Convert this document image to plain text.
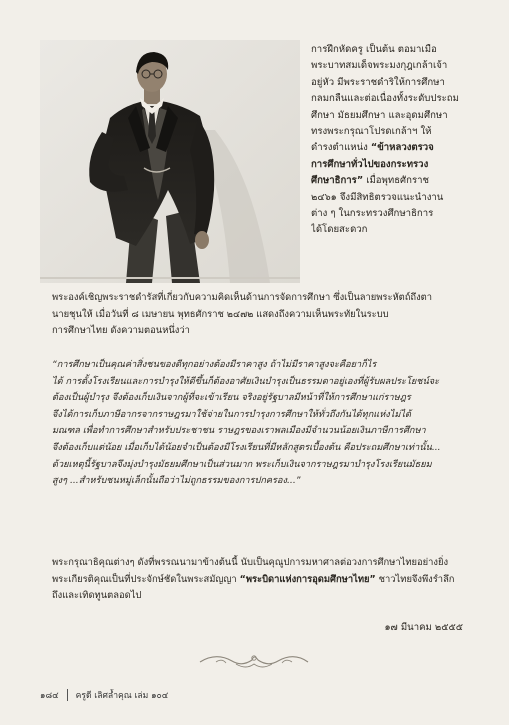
การฝึกหัดครู เป็นต้น ตอมาเมือ
พระบาทสมเด็จพระมงกุฎเกล้าเจ้า
อยู่หัว มีพระราชดำริให้การศึกษา
กลมกลืนและต่อเนื่องทั้งระดับประถม
ศึกษา มัธยมศึกษา และอุดมศึกษา
ทรงพระกรุณาโปรดเกล้าฯ ให้
ดำรงตำแหน่ง “ข้าหลวงตรวจ
การศึกษาทั่วไปของกระทรวง
ศึกษาธิการ” เมื่อพุทธศักราช
๒๔๖๑ จึงมีสิทธิตรวจแนะนำงาน
ต่าง ๆ ในกระทรวงศึกษาธิการ
ได้โดยสะดวก
พระองค์เชิญพระราชดำรัสที่เกี่ยวกับความคิดเห็นด้านการจัดการศึกษา ซึ่งเป็นลายพระหัตถ์ถึงตา
นายชุนให้ เมื่อวันที่ ๘ เมษายน พุทธศักราช ๒๔๗๒ แสดงถึงความเห็นพระทัยในระบบ
การศึกษาไทย ดังความตอนหนึ่งว่า
“การศึกษาเป็นคุณค่าสิ่งชนของดีทุกอย่างต้องมีราคาสูง ถ้าไม่มีราคาสูงจะคือยาก็ไร
ได้ การตั้งโรงเรียนและการบำรุงให้ดีขึ้นก็ต้องอาศัยเงินบำรุงเป็นธรรมดาอยู่เองที่ผู้รับผลประโยชน์จะ
ต้องเป็นผู้บำรุง จึงต้องเก็บเงินจากผู้ที่จะเข้าเรียน จริงอยู่รัฐบาลมีหน้าที่ให้การศึกษาแก่ราษฎร
จึงได้การเก็บภาษีอากรจากราษฎรมาใช้จ่ายในการบำรุงการศึกษาให้ทั่วถึงกันได้ทุกแห่งไม่ได้
มณฑล เพื่อทำการศึกษาสำหรับประชาชน ราษฎรของเราพลเมืองมีจำนวนน้อยเงินภาษีการศึกษา
จึงต้องเก็บแต่น้อย เมื่อเก็บได้น้อยจำเป็นต้องมีโรงเรียนที่มีหลักสูตรเบื้องต้น คือประถมศึกษาเท่านั้น...
ด้วยเหตุนี้รัฐบาลจึงมุ่งบำรุงมัธยมศึกษาเป็นส่วนมาก พระเก็บเงินจากราษฎรมาบำรุงโรงเรียนมัธยม
สูงๆ ...สำหรับชนหมู่เล็กนั้นถือว่าไม่ถูกธรรมของการปกครอง...”
พระกรุณาธิคุณต่างๆ ดังที่พรรณนามาข้างต้นนี้ นับเป็นคุณูปการมหาศาลต่อวงการศึกษาไทยอย่างยิ่ง
พระเกียรติคุณเป็นที่ประจักษ์ชัดในพระสมัญญา “พระบิดาแห่งการอุดมศึกษาไทย” ชาวไทยจึงพึงรำลึก
ถึงและเทิดทูนตลอดไป
๑๗ มีนาคม ๒๕๕๕
๑๘๔ ครูดี เลิศล้ำคุณ เล่ม ๑๐๔
